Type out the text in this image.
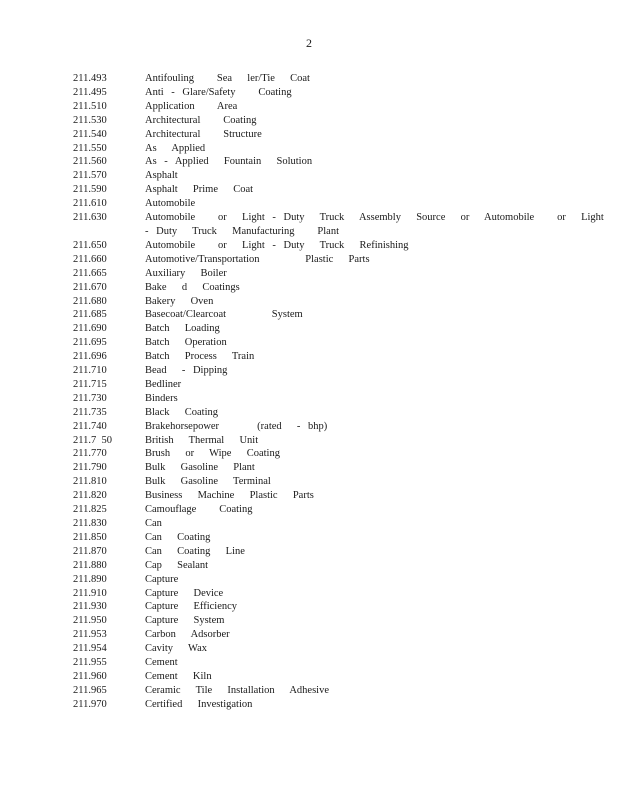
2
211.493	Antifouling   Sea  ler/Tie  Coat
211.495	Anti - Glare/Safety   Coating
211.510	Application   Area
211.530	Architectural   Coating
211.540	Architectural   Structure
211.550	As  Applied
211.560	As - Applied  Fountain  Solution
211.570	Asphalt
211.590	Asphalt  Prime  Coat
211.610	Automobile
211.630	Automobile   or  Light - Duty  Truck  Assembly  Source  or  Automobile   or  Light - Duty  Truck  Manufacturing   Plant
211.650	Automobile   or  Light - Duty  Truck  Refinishing
211.660	Automotive/Transportation      Plastic  Parts
211.665	Auxiliary  Boiler
211.670	Bake  d  Coatings
211.680	Bakery  Oven
211.685	Basecoat/Clearcoat      System
211.690	Batch  Loading
211.695	Batch  Operation
211.696	Batch  Process  Train
211.710	Bead  - Dipping
211.715	Bedliner
211.730	Binders
211.735	Black  Coating
211.740	Brakehorsepower     (rated  - bhp)
211.7  50	British  Thermal  Unit
211.770	Brush  or  Wipe  Coating
211.790	Bulk  Gasoline  Plant
211.810	Bulk  Gasoline  Terminal
211.820	Business  Machine  Plastic  Parts
211.825	Camouflage   Coating
211.830	Can
211.850	Can  Coating
211.870	Can  Coating  Line
211.880	Cap  Sealant
211.890	Capture
211.910	Capture  Device
211.930	Capture  Efficiency
211.950	Capture  System
211.953	Carbon  Adsorber
211.954	Cavity  Wax
211.955	Cement
211.960	Cement  Kiln
211.965	Ceramic  Tile  Installation  Adhesive
211.970	Certified  Investigation
